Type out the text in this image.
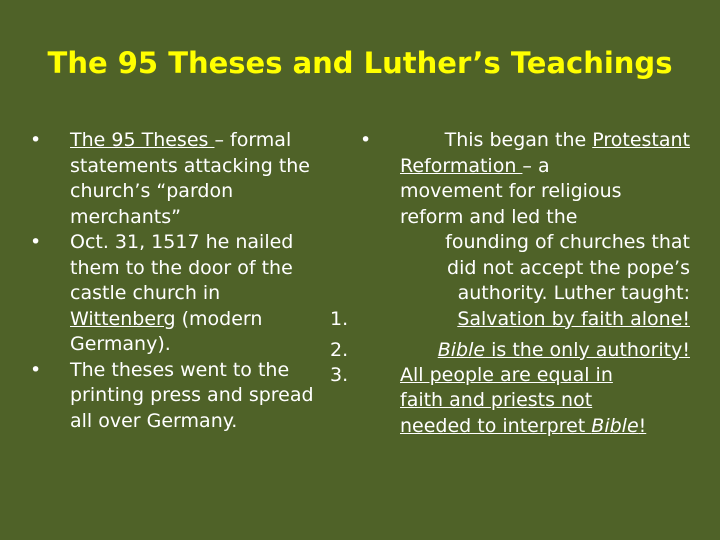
The 95 Theses and Luther’s Teachings
•	The 95 Theses – formal
statements attacking the
church’s “pardon
merchants”
•	Oct. 31, 1517 he nailed
them to the door of the
castle church in
Wittenberg (modern
Germany).
•	The theses went to the
printing press and spread
all over Germany.
•	This began the Protestant
Reformation – a
movement for religious
reform and led the
founding of churches that
did not accept the pope’s
authority. Luther taught:
1.	Salvation by faith alone!
2.	Bible is the only authority!
3.	All people are equal in
faith and priests not
needed to interpret Bible!
